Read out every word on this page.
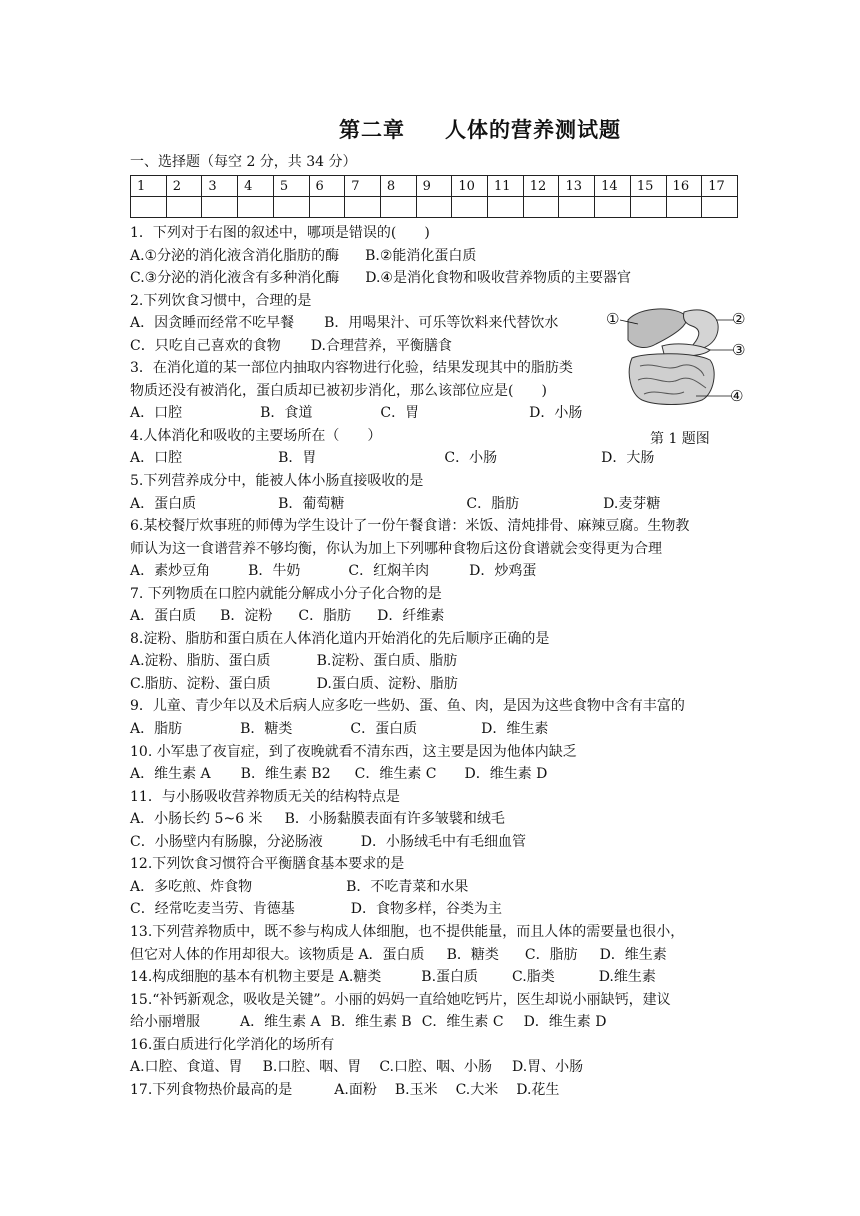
第二章 人体的营养测试题
一、选择题（每空 2 分，共 34 分）
1	2	3	4	5	6	7	8	9	10	11	12	13	14	15	16	17

1．下列对于右图的叙述中，哪项是错误的(　　)
A.①分泌的消化液含消化脂肪的酶 B.②能消化蛋白质
C.③分泌的消化液含有多种消化酶 D.④是消化食物和吸收营养物质的主要器官
2.下列饮食习惯中，合理的是
A．因贪睡而经常不吃早餐 B．用喝果汁、可乐等饮料来代替饮水
C．只吃自己喜欢的食物 D.合理营养，平衡膳食
3．在消化道的某一部位内抽取内容物进行化验，结果发现其中的脂肪类
物质还没有被消化，蛋白质却已被初步消化，那么该部位应是(　　)
A．口腔	B．食道	C．胃	D．小肠
4.人体消化和吸收的主要场所在（　　）
A．口腔	B．胃	C．小肠	D．大肠
5.下列营养成分中，能被人体小肠直接吸收的是
A．蛋白质	B．葡萄糖	C．脂肪	D.麦芽糖
6.某校餐厅炊事班的师傅为学生设计了一份午餐食谱：米饭、清炖排骨、麻辣豆腐。生物教
师认为这一食谱营养不够均衡，你认为加上下列哪种食物后这份食谱就会变得更为合理
A．素炒豆角	B．牛奶	C．红焖羊肉	D．炒鸡蛋
7. 下列物质在口腔内就能分解成小分子化合物的是
A．蛋白质 B．淀粉 C．脂肪 D．纤维素
8.淀粉、脂肪和蛋白质在人体消化道内开始消化的先后顺序正确的是
A.淀粉、脂肪、蛋白质	B.淀粉、蛋白质、脂肪
C.脂肪、淀粉、蛋白质	D.蛋白质、淀粉、脂肪
9．儿童、青少年以及术后病人应多吃一些奶、蛋、鱼、肉，是因为这些食物中含有丰富的
A．脂肪	B．糖类	C．蛋白质	D．维生素
10. 小军患了夜盲症，到了夜晚就看不清东西，这主要是因为他体内缺乏
A．维生素 A B．维生素 B2 C．维生素 C D．维生素 D
11．与小肠吸收营养物质无关的结构特点是
A．小肠长约 5~6 米 B．小肠黏膜表面有许多皱襞和绒毛
C．小肠壁内有肠腺，分泌肠液	D．小肠绒毛中有毛细血管
12.下列饮食习惯符合平衡膳食基本要求的是
A．多吃煎、炸食物	B．不吃青菜和水果
C．经常吃麦当劳、肯德基	D．食物多样，谷类为主
13.下列营养物质中，既不参与构成人体细胞，也不提供能量，而且人体的需要量也很小，
但它对人体的作用却很大。该物质是 A．蛋白质 B．糖类 C．脂肪 D．维生素
14.构成细胞的基本有机物主要是 A.糖类	B.蛋白质 C.脂类	D.维生素
15.“补钙新观念，吸收是关键”。小丽的妈妈一直给她吃钙片，医生却说小丽缺钙，建议
给小丽增服	A．维生素 A B．维生素 B C．维生素 C D．维生素 D
16.蛋白质进行化学消化的场所有
A.口腔、食道、胃 B.口腔、咽、胃 C.口腔、咽、小肠 D.胃、小肠
17.下列食物热价最高的是	A.面粉 B.玉米 C.大米 D.花生
①	②
③
④
第 1 题图
